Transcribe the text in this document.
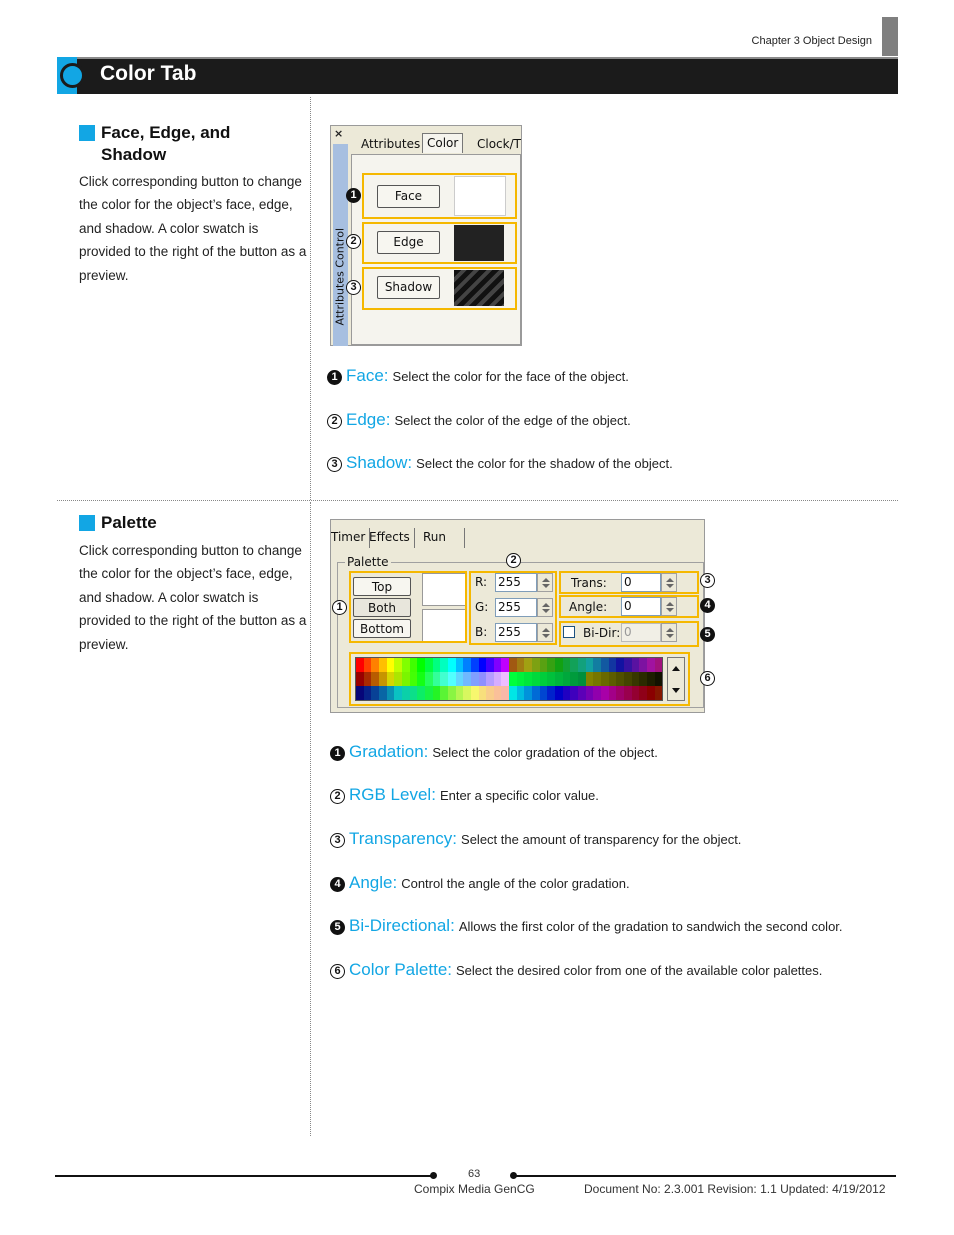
Chapter 3 Object Design
Color Tab
Face, Edge, and Shadow
Click corresponding button to change the color for the object’s face, edge, and shadow. A color swatch is provided to the right of the button as a preview.
×
Attributes Control
Attributes Color	Clock/T
Face
Edge
Shadow
1
2
3
1 Face: Select the color for the face of the object.
2 Edge: Select the color of the edge of the object.
3 Shadow: Select the color for the shadow of the object.
Palette
Click corresponding button to change the color for the object’s face, edge, and shadow. A color swatch is provided to the right of the button as a preview.
Timer Effects	Run
Palette
Top
Both
Bottom
R: 255
G: 255
B: 255
Trans: 0
Angle: 0
Bi-Dir: 0
1
2
3
4
5
6
1 Gradation: Select the color gradation of the object.
2 RGB Level: Enter a specific color value.
3 Transparency: Select the amount of transparency for the object.
4 Angle: Control the angle of the color gradation.
5 Bi-Directional: Allows the first color of the gradation to sandwich the second color.
6 Color Palette: Select the desired color from one of the available color palettes.
63
Compix Media GenCG	Document No: 2.3.001 Revision: 1.1 Updated: 4/19/2012
